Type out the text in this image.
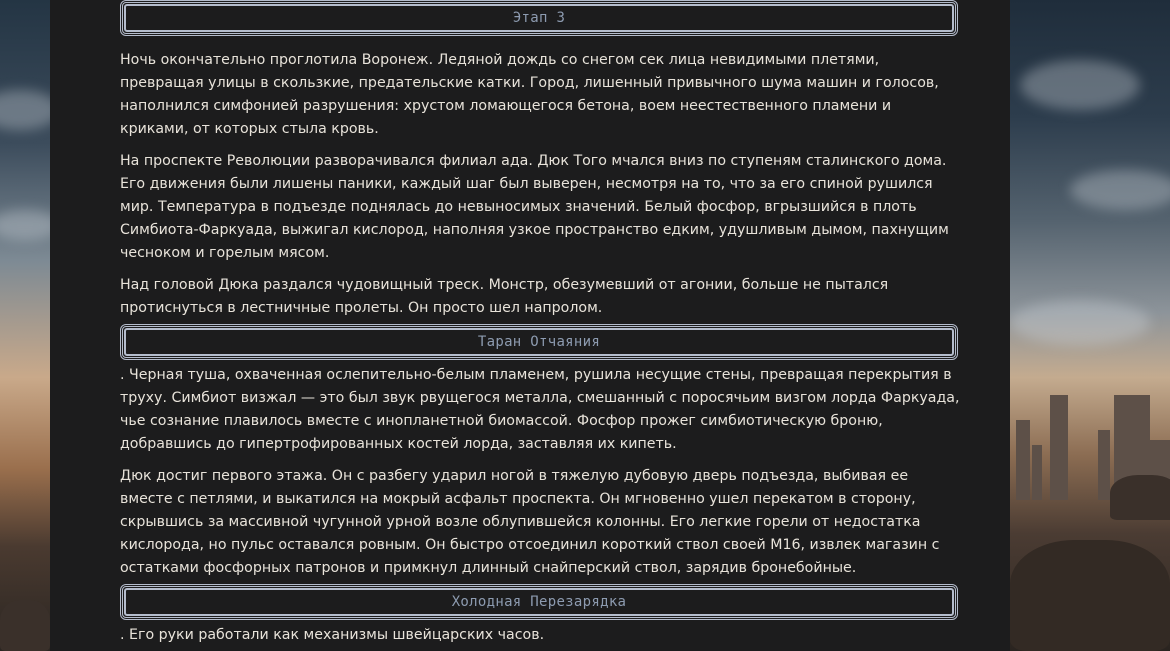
Этап 3

Ночь окончательно проглотила Воронеж. Ледяной дождь со снегом сек лица невидимыми плетями, превращая улицы в скользкие, предательские катки. Город, лишенный привычного шума машин и голосов, наполнился симфонией разрушения: хрустом ломающегося бетона, воем неестественного пламени и криками, от которых стыла кровь.

На проспекте Революции разворачивался филиал ада. Дюк Того мчался вниз по ступеням сталинского дома. Его движения были лишены паники, каждый шаг был выверен, несмотря на то, что за его спиной рушился мир. Температура в подъезде поднялась до невыносимых значений. Белый фосфор, вгрызшийся в плоть Симбиота-Фаркуада, выжигал кислород, наполняя узкое пространство едким, удушливым дымом, пахнущим чесноком и горелым мясом.

Над головой Дюка раздался чудовищный треск. Монстр, обезумевший от агонии, больше не пытался протиснуться в лестничные пролеты. Он просто шел напролом.

Таран Отчаяния

. Черная туша, охваченная ослепительно-белым пламенем, рушила несущие стены, превращая перекрытия в труху. Симбиот визжал — это был звук рвущегося металла, смешанный с поросячьим визгом лорда Фаркуада, чье сознание плавилось вместе с инопланетной биомассой. Фосфор прожег симбиотическую броню, добравшись до гипертрофированных костей лорда, заставляя их кипеть.

Дюк достиг первого этажа. Он с разбегу ударил ногой в тяжелую дубовую дверь подъезда, выбивая ее вместе с петлями, и выкатился на мокрый асфальт проспекта. Он мгновенно ушел перекатом в сторону, скрывшись за массивной чугунной урной возле облупившейся колонны. Его легкие горели от недостатка кислорода, но пульс оставался ровным. Он быстро отсоединил короткий ствол своей M16, извлек магазин с остатками фосфорных патронов и примкнул длинный снайперский ствол, зарядив бронебойные.

Холодная Перезарядка

. Его руки работали как механизмы швейцарских часов.
